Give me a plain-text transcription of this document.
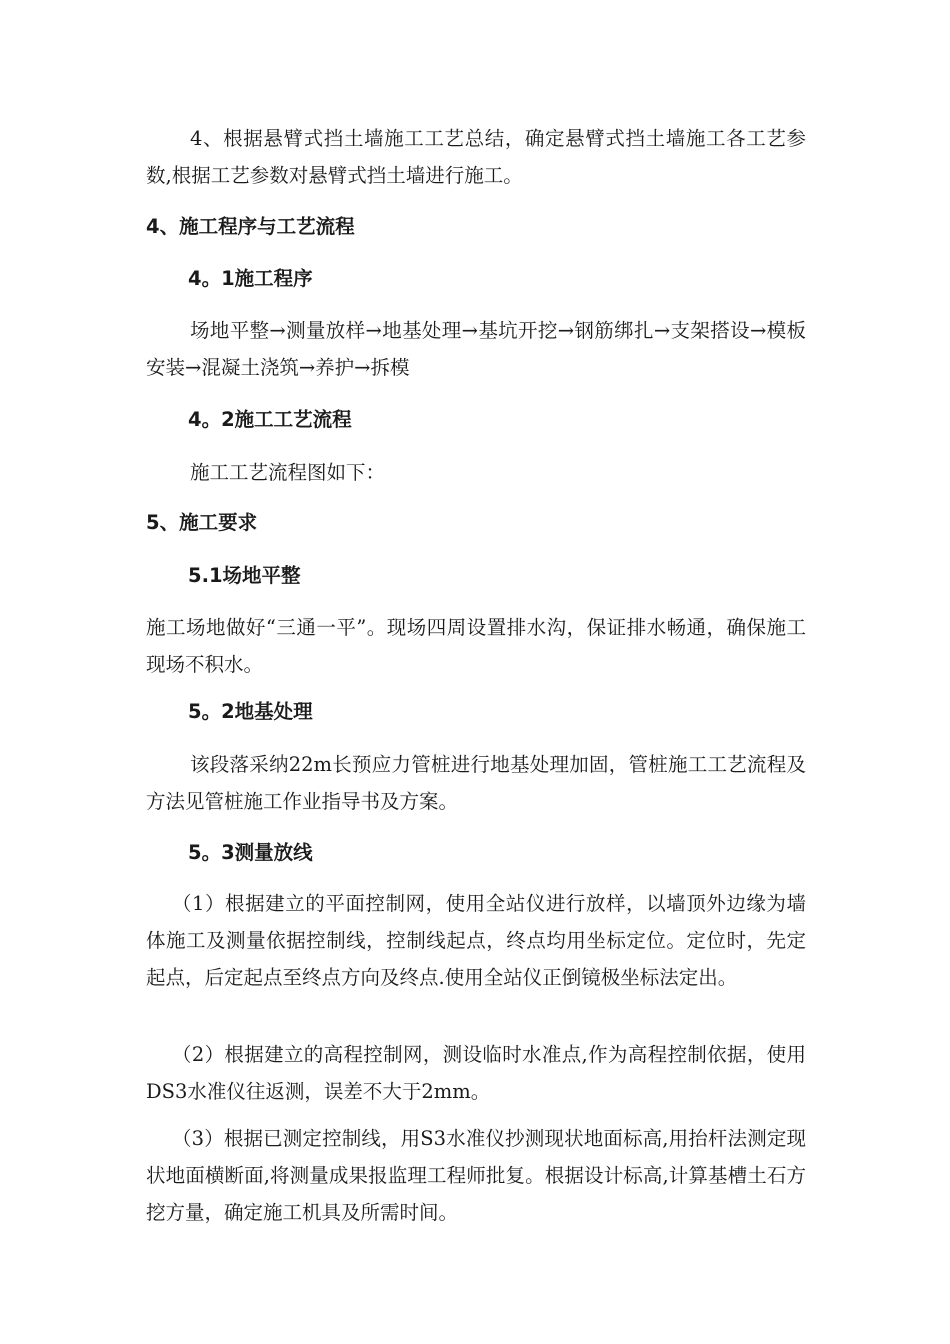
4、根据悬臂式挡土墙施工工艺总结，确定悬臂式挡土墙施工各工艺参数,根据工艺参数对悬臂式挡土墙进行施工。

4、施工程序与工艺流程
4。1施工程序

场地平整→测量放样→地基处理→基坑开挖→钢筋绑扎→支架搭设→模板安装→混凝土浇筑→养护→拆模

4。2施工工艺流程

施工工艺流程图如下：

5、施工要求
5.1场地平整

施工场地做好“三通一平”。现场四周设置排水沟，保证排水畅通，确保施工现场不积水。

5。2地基处理

该段落采纳22m长预应力管桩进行地基处理加固，管桩施工工艺流程及方法见管桩施工作业指导书及方案。

5。3测量放线

（1）根据建立的平面控制网，使用全站仪进行放样，以墙顶外边缘为墙体施工及测量依据控制线，控制线起点，终点均用坐标定位。定位时，先定起点，后定起点至终点方向及终点.使用全站仪正倒镜极坐标法定出。

（2）根据建立的高程控制网，测设临时水准点,作为高程控制依据，使用DS3水准仪往返测，误差不大于2mm。

（3）根据已测定控制线，用S3水准仪抄测现状地面标高,用抬杆法测定现状地面横断面,将测量成果报监理工程师批复。根据设计标高,计算基槽土石方挖方量，确定施工机具及所需时间。
